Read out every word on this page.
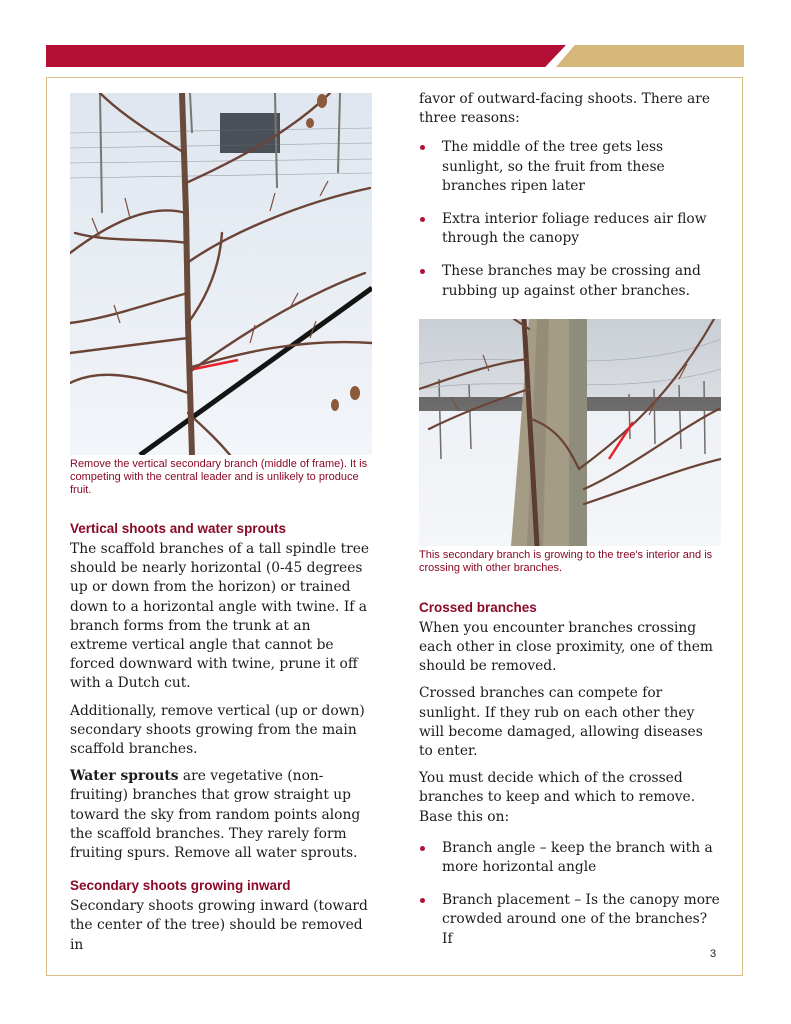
Remove the vertical secondary branch (middle of frame). It is competing with the central leader and is unlikely to produce fruit.

Vertical shoots and water sprouts

The scaffold branches of a tall spindle tree should be nearly horizontal (0-45 degrees up or down from the horizon) or trained down to a horizontal angle with twine. If a branch forms from the trunk at an extreme vertical angle that cannot be forced downward with twine, prune it off with a Dutch cut.

Additionally, remove vertical (up or down) secondary shoots growing from the main scaffold branches.

Water sprouts are vegetative (non-fruiting) branches that grow straight up toward the sky from random points along the scaffold branches. They rarely form fruiting spurs. Remove all water sprouts.

Secondary shoots growing inward

Secondary shoots growing inward (toward the center of the tree) should be removed in

favor of outward-facing shoots. There are three reasons:

The middle of the tree gets less sunlight, so the fruit from these branches ripen later
Extra interior foliage reduces air flow through the canopy
These branches may be crossing and rubbing up against other branches.

This secondary branch is growing to the tree's interior and is crossing with other branches.

Crossed branches

When you encounter branches crossing each other in close proximity, one of them should be removed.

Crossed branches can compete for sunlight. If they rub on each other they will become damaged, allowing diseases to enter.

You must decide which of the crossed branches to keep and which to remove. Base this on:

Branch angle – keep the branch with a more horizontal angle
Branch placement – Is the canopy more crowded around one of the branches? If
3
